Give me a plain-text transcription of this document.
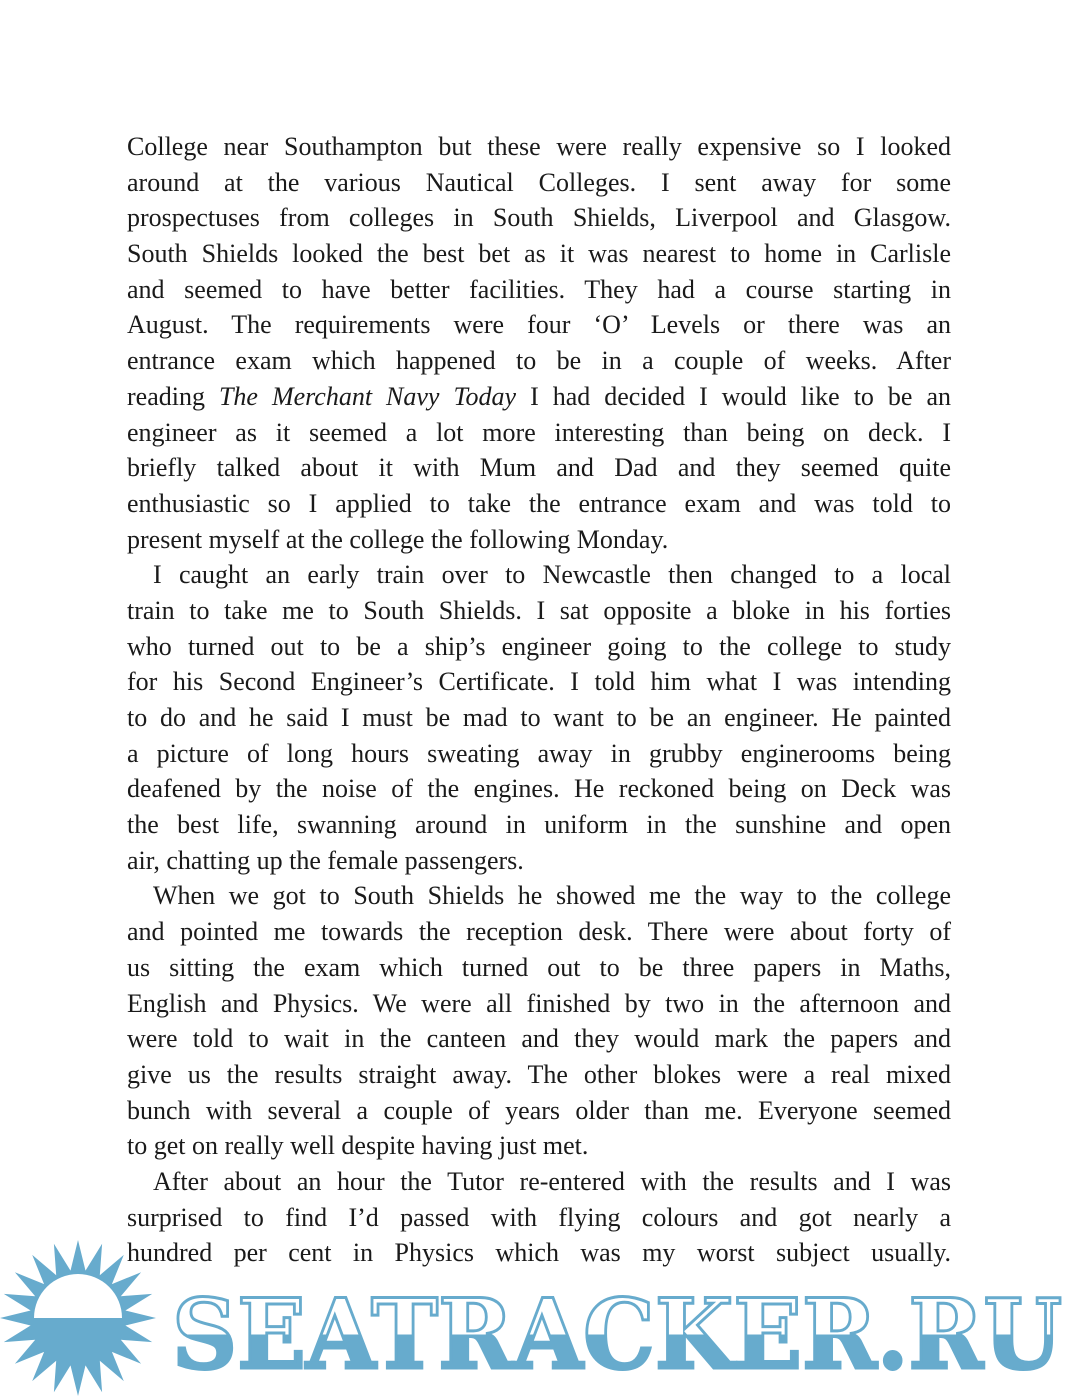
College near Southampton but these were really expensive so I looked
around at the various Nautical Colleges. I sent away for some
prospectuses from colleges in South Shields, Liverpool and Glasgow.
South Shields looked the best bet as it was nearest to home in Carlisle
and seemed to have better facilities. They had a course starting in
August. The requirements were four ‘O’ Levels or there was an
entrance exam which happened to be in a couple of weeks. After
reading The Merchant Navy Today I had decided I would like to be an
engineer as it seemed a lot more interesting than being on deck. I
briefly talked about it with Mum and Dad and they seemed quite
enthusiastic so I applied to take the entrance exam and was told to
present myself at the college the following Monday.
I caught an early train over to Newcastle then changed to a local
train to take me to South Shields. I sat opposite a bloke in his forties
who turned out to be a ship’s engineer going to the college to study
for his Second Engineer’s Certificate. I told him what I was intending
to do and he said I must be mad to want to be an engineer. He painted
a picture of long hours sweating away in grubby enginerooms being
deafened by the noise of the engines. He reckoned being on Deck was
the best life, swanning around in uniform in the sunshine and open
air, chatting up the female passengers.
When we got to South Shields he showed me the way to the college
and pointed me towards the reception desk. There were about forty of
us sitting the exam which turned out to be three papers in Maths,
English and Physics. We were all finished by two in the afternoon and
were told to wait in the canteen and they would mark the papers and
give us the results straight away. The other blokes were a real mixed
bunch with several a couple of years older than me. Everyone seemed
to get on really well despite having just met.
After about an hour the Tutor re-entered with the results and I was
surprised to find I’d passed with flying colours and got nearly a
hundred per cent in Physics which was my worst subject usually.
SEATRACKER.RU
